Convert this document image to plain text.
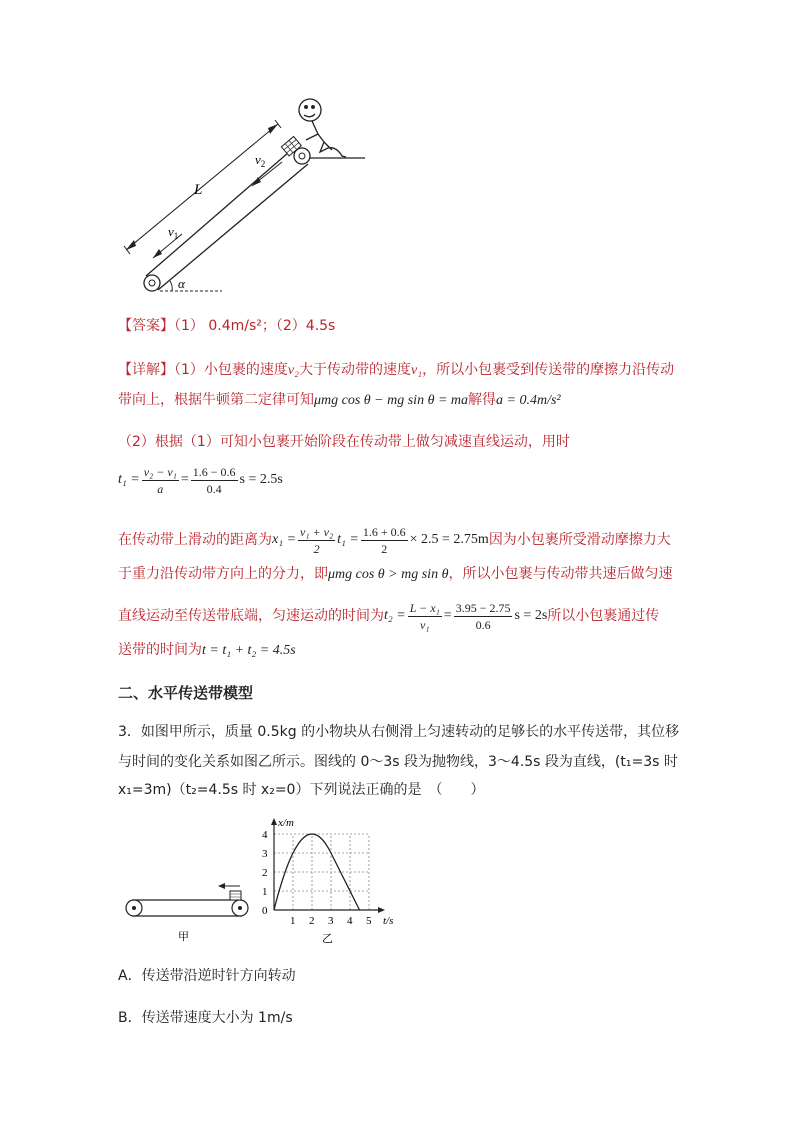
α
L
$v_1$
$v_2$
【答案】（1） 0.4m/s²；（2）4.5s
【详解】（1）小包裹的速度v₂大于传动带的速度v₁，所以小包裹受到传送带的摩擦力沿传动
带向上，根据牛顿第二定律可知μmg cos θ − mg sin θ = ma解得a = 0.4m/s²
（2）根据（1）可知小包裹开始阶段在传动带上做匀减速直线运动，用时
$t_1 = \frac{\text{v₂ − v₁}}{a} = \frac{1.6 - 0.6}{0.4}$ s = 2.5s
在传动带上滑动的距离为 $x_1 = \frac{\text{v₁ + v₂}}{2} t_1 = \frac{1.6 + 0.6}{2} \times 2.5 = 2.75m$ 因为小包裹所受滑动摩擦力大
于重力沿传动带方向上的分力，即μmg cos θ > mg sin θ，所以小包裹与传动带共速后做匀速
直线运动至传送带底端，匀速运动的时间为 $t_2 = \frac{\text{L − x₁}}{\text{v₁}} = \frac{3.95 - 2.75}{0.6}$ s = 2s 所以小包裹通过传
送带的时间为t = t₁ + t₂ = 4.5s
二、水平传送带模型
3．如图甲所示，质量 0.5kg 的小物块从右侧滑上匀速转动的足够长的水平传送带，其位移
与时间的变化关系如图乙所示。图线的 0～3s 段为抛物线，3～4.5s 段为直线，(t₁=3s 时
x₁=3m)（t₂=4.5s 时 x₂=0）下列说法正确的是　（　　）
甲
1 2 3 4 5
1
2
3
4
0
t/s
x/m
乙
A．传送带沿逆时针方向转动
B．传送带速度大小为 1m/s
